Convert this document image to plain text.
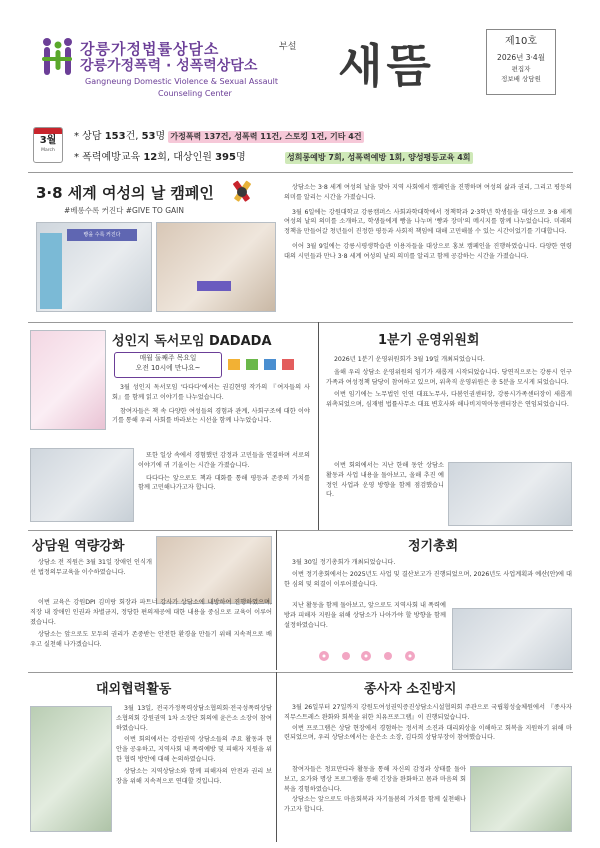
강릉가정법률상담소	부설
강릉가정폭력 · 성폭력상담소
Gangneung Domestic Violence & Sexual Assault
Counseling Center
새뜸	제10호
2026년 3·4월
편집자
정보배 상담원
3월
March
* 상담 153건, 53명 가정폭력 137건, 성폭력 11건, 스토킹 1건, 기타 4건
* 폭력예방교육 12회, 대상인원 395명	성희롱예방 7회, 성폭력예방 1회, 양성평등교육 4회
3·8 세계 여성의 날 캠페인
#베롱수록 커진다 #GIVE TO GAIN
빵을 수록 커진다

상담소는 3·8 세계 여성의 날을 맞아 지역 사회에서 캠페인을 진행하며 여성의 삶과 권리, 그리고 평등의 의미를 알리는 시간을 가졌습니다.

3월 6일에는 강원대학교 강릉캠퍼스 사회과학대학에서 정책학과 2·3학년 학생들을 대상으로 3·8 세계 여성의 날의 의미를 소개하고, 학생들에게 빵을 나누며 '빵과 장미'의 메시지를 함께 나누었습니다. 미래의 정책을 만들어갈 청년들이 진정한 평등과 사회적 책임에 대해 고민해볼 수 있는 시간이었기를 기대합니다.

이어 3월 9일에는 강릉시평생학습관 이용자들을 대상으로 홍보 캠페인을 진행하였습니다. 다양한 연령대의 시민들과 만나 3·8 세계 여성의 날의 의미를 알리고 함께 공감하는 시간을 가졌습니다.

성인지 독서모임 DADADA
매월 둘째주 목요일
오전 10시에 만나요~

3월 성인지 독서모임 '다다다'에서는 권김현영 작가의 『여자들의 사회』를 함께 읽고 이야기를 나누었습니다.

참여자들은 책 속 다양한 여성들의 경험과 관계, 사회구조에 대한 이야기를 통해 우리 사회를 바라보는 시선을 함께 나누었습니다.

또한 일상 속에서 경험했던 감정과 고민들을 연결하며 서로의 이야기에 귀 기울이는 시간을 가졌습니다.

다다다는 앞으로도 책과 대화를 통해 평등과 존중의 가치를 함께 고민해나가고자 합니다.

1분기 운영위원회

2026년 1분기 운영위원회가 3월 19일 개최되었습니다.

올해 우리 상담소 운영위원의 임기가 새롭게 시작되었습니다. 당연직으로는 강릉시 인구가족과 여성정책 담당이 참여하고 있으며, 위촉직 운영위원은 총 5분을 모시게 되었습니다.

이번 임기에는 노무법인 인연 대표노무사, 다봄인권센터장, 강릉시가족센터장이 새롭게 위촉되었으며, 심재범 법률사무소 대표 변호사와 해나비지역아동센터장은 연임되었습니다.

이번 회의에서는 지난 한해 동안 상담소 활동과 사업 내용을 돌아보고, 올해 추진 예정인 사업과 운영 방향을 함께 점검했습니다.

상담원 역량강화

상담소 전 직원은 3월 31일 장애인 인식개선 법정의무교육을 이수하였습니다.

이번 교육은 강원DPI 김미랑 회장과 파트너 강사가 상담소에 내방하여 진행하였으며, 직장 내 장애인 인권과 차별금지, 정당한 편의제공에 대한 내용을 중심으로 교육이 이루어졌습니다.

상담소는 앞으로도 모두의 권리가 존중받는 안전한 환경을 만들기 위해 지속적으로 배우고 실천해 나가겠습니다.

정기총회

3월 30일 정기총회가 개최되었습니다.

이번 정기총회에서는 2025년도 사업 및 결산보고가 진행되었으며, 2026년도 사업계획과 예산(안)에 대한 심의 및 의결이 이루어졌습니다.

지난 활동을 함께 돌아보고, 앞으로도 지역사회 내 폭력예방과 피해자 지원을 위해 상담소가 나아가야 할 방향을 함께 설정하였습니다.

대외협력활동

3월 13일, 전국가정폭력상담소협의회·전국성폭력상담소협의회 강원권역 1차 소장단 회의에 윤은소 소장이 참여하였습니다.

이번 회의에서는 강원권역 상담소들의 주요 활동과 현안을 공유하고, 지역사회 내 폭력예방 및 피해자 지원을 위한 협력 방안에 대해 논의하였습니다.

상담소는 지역상담소와 함께 피해자의 안전과 권리 보장을 위해 지속적으로 연대할 것입니다.

종사자 소진방지

3월 26일부터 27일까지 강원도여성권익증진상담소시설협의회 주관으로 국립횡성숲체원에서 『종사자 직무스트레스 완화와 회복을 위한 치유프로그램』이 진행되었습니다.

이번 프로그램은 상담 현장에서 경험하는 정서적 소진과 대리외상을 이해하고 회복을 지원하기 위해 마련되었으며, 우리 상담소에서는 윤은소 소장, 김다희 상담부장이 참여했습니다.

참여자들은 청묘만다라 활동을 통해 자신의 감정과 상태를 돌아보고, 요가와 명상 프로그램을 통해 긴장을 완화하고 몸과 마음의 회복을 경험하였습니다.

상담소는 앞으로도 마음회복과 자기돌봄의 가치를 함께 실천해나가고자 합니다.
